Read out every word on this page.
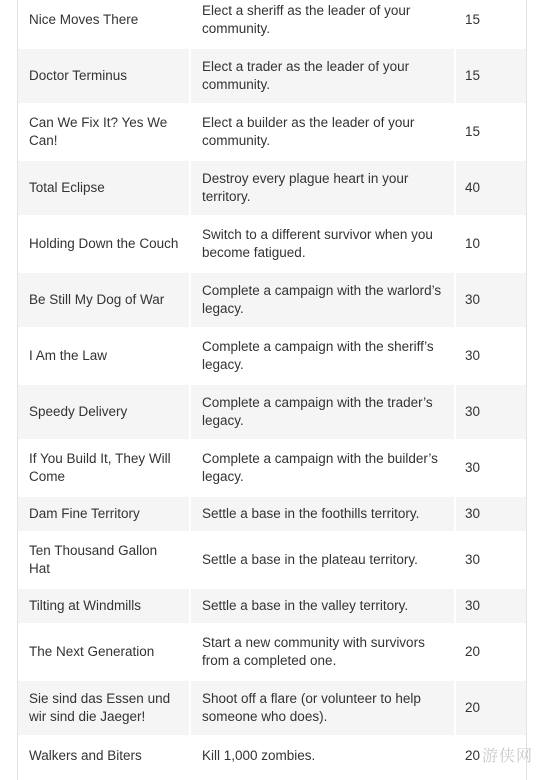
Nice Moves There	Elect a sheriff as the leader of your community.	15
Doctor Terminus	Elect a trader as the leader of your community.	15
Can We Fix It? Yes We Can!	Elect a builder as the leader of your community.	15
Total Eclipse	Destroy every plague heart in your territory.	40
Holding Down the Couch	Switch to a different survivor when you become fatigued.	10
Be Still My Dog of War	Complete a campaign with the warlord’s legacy.	30
I Am the Law	Complete a campaign with the sheriff’s legacy.	30
Speedy Delivery	Complete a campaign with the trader’s legacy.	30
If You Build It, They Will Come	Complete a campaign with the builder’s legacy.	30
Dam Fine Territory	Settle a base in the foothills territory.	30
Ten Thousand Gallon Hat	Settle a base in the plateau territory.	30
Tilting at Windmills	Settle a base in the valley territory.	30
The Next Generation	Start a new community with survivors from a completed one.	20
Sie sind das Essen und wir sind die Jaeger!	Shoot off a flare (or volunteer to help someone who does).	20
Walkers and Biters	Kill 1,000 zombies.	20 游侠网
